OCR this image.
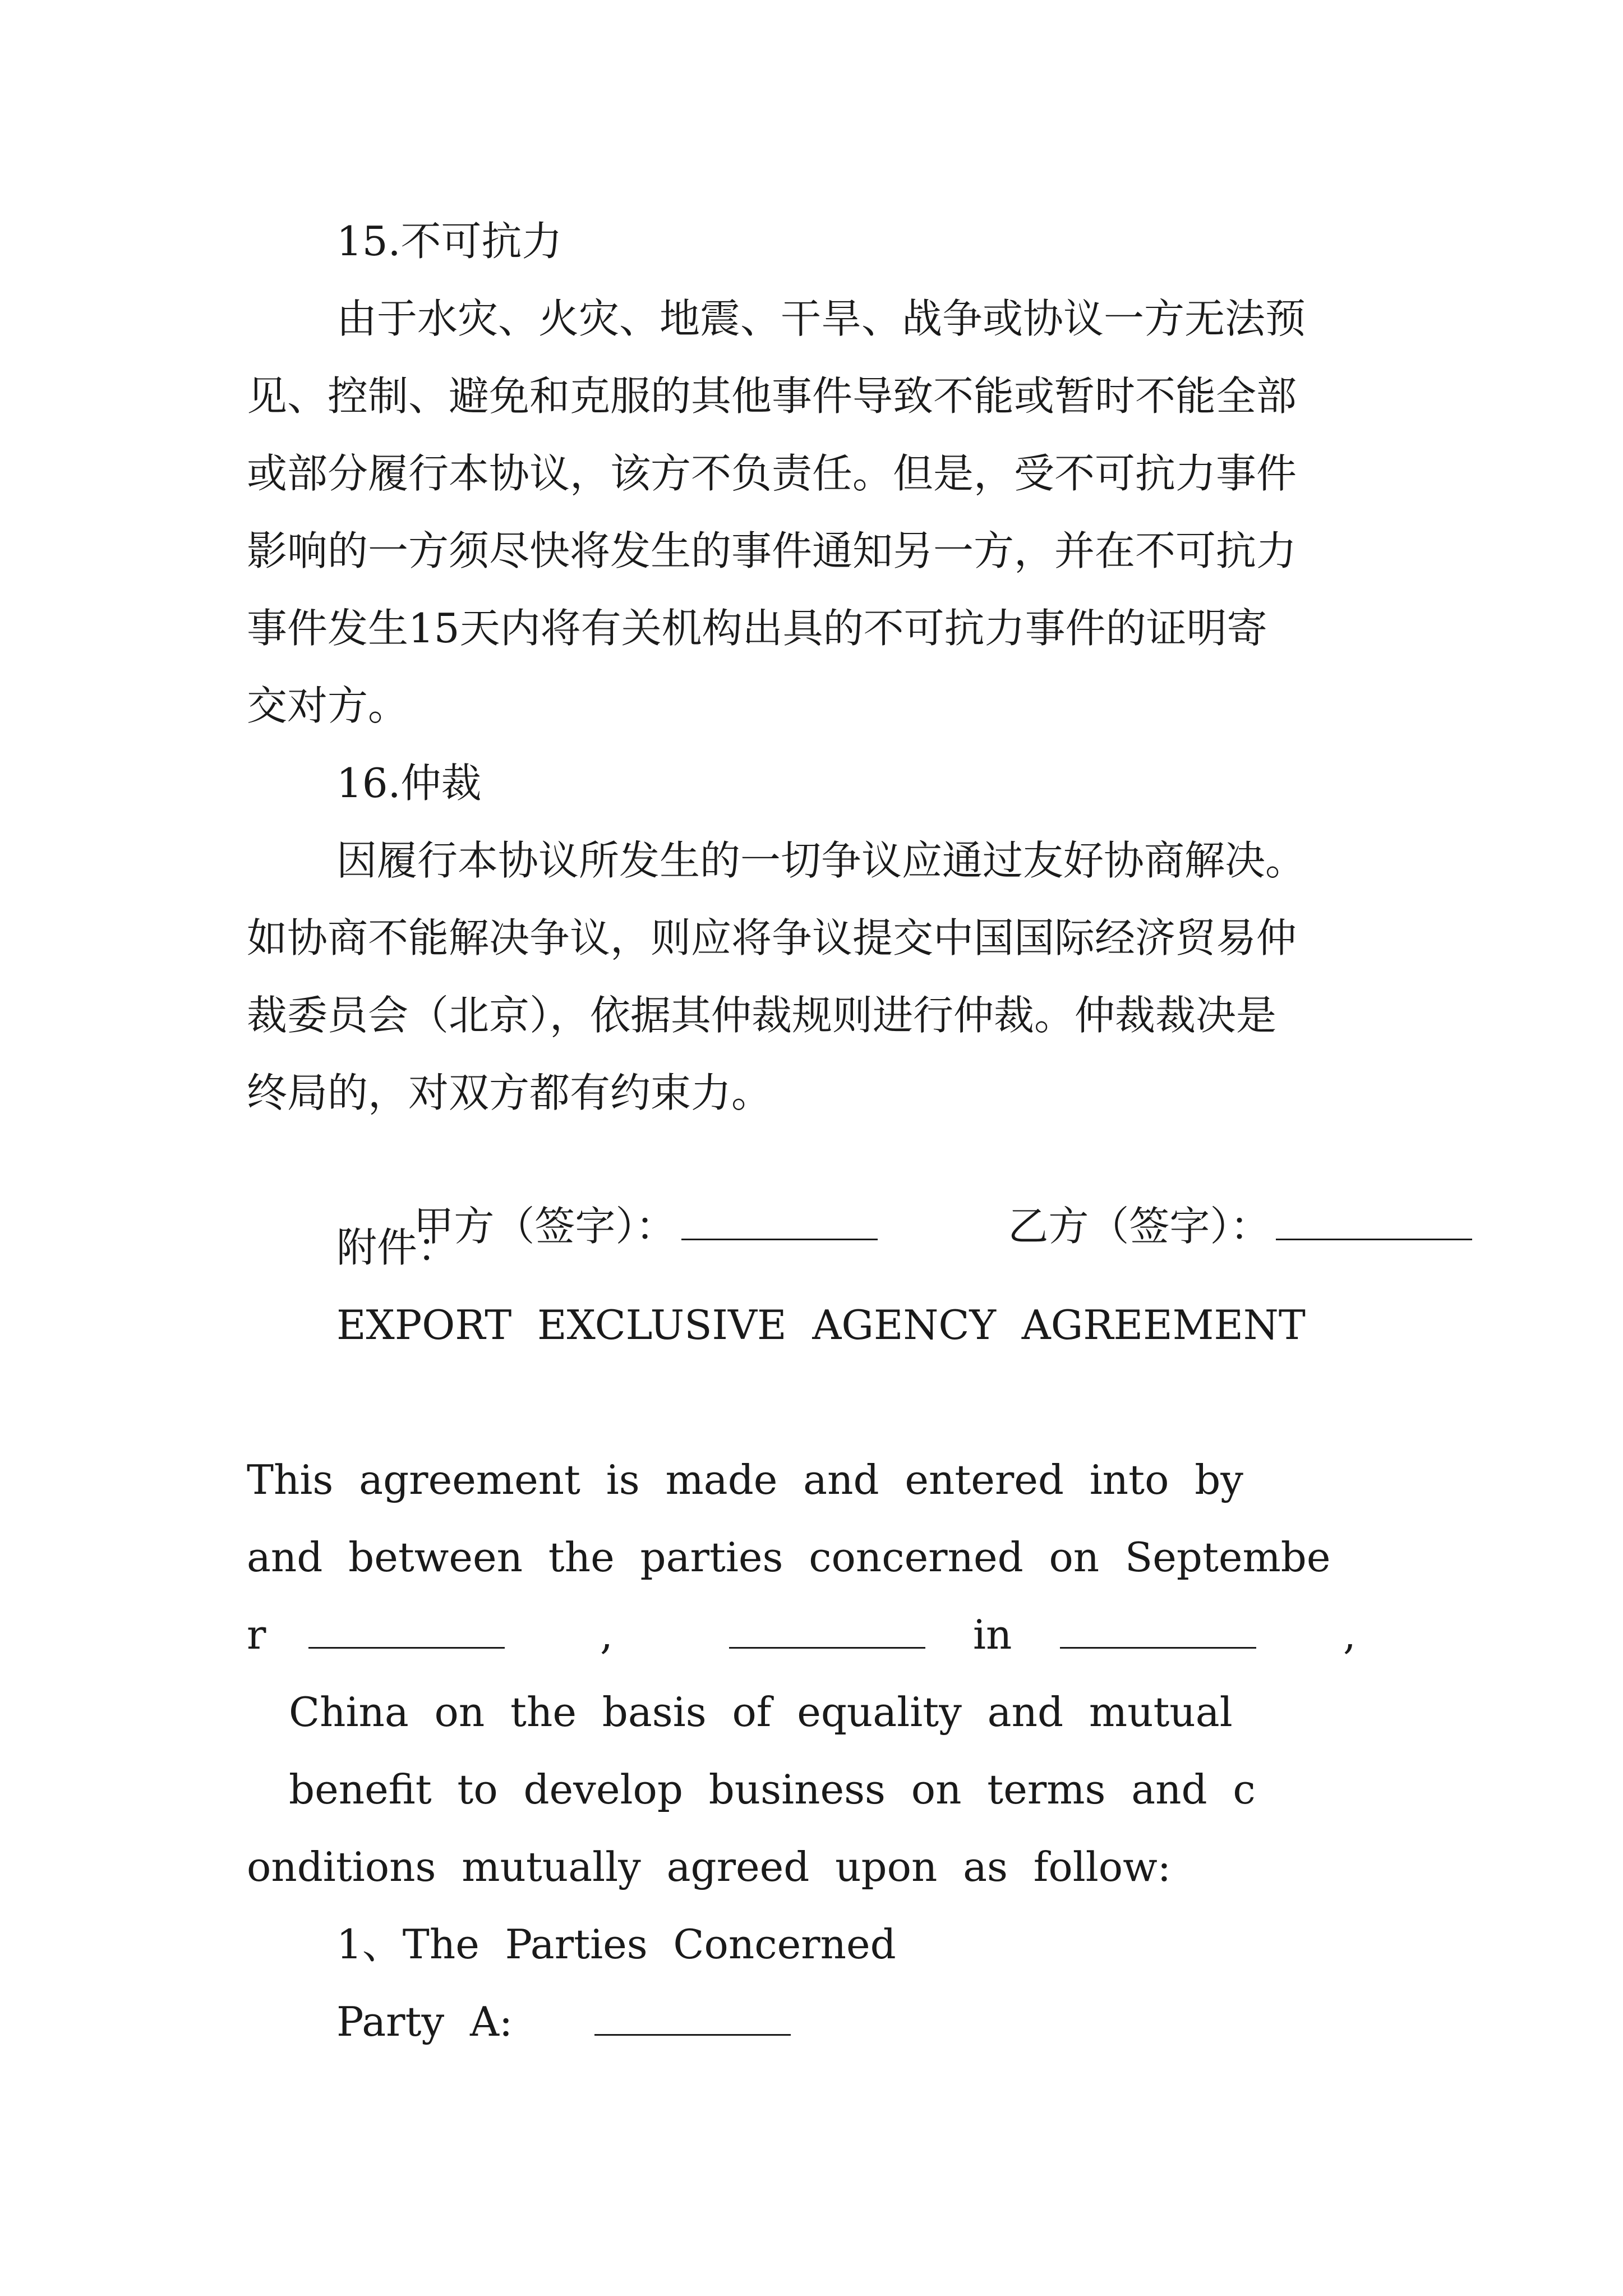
15.不可抗力
由于水灾、火灾、地震、干旱、战争或协议一方无法预
见、控制、避免和克服的其他事件导致不能或暂时不能全部
或部分履行本协议，该方不负责任。但是，受不可抗力事件
影响的一方须尽快将发生的事件通知另一方，并在不可抗力
事件发生15天内将有关机构出具的不可抗力事件的证明寄
交对方。
16.仲裁
因履行本协议所发生的一切争议应通过友好协商解决。
如协商不能解决争议，则应将争议提交中国国际经济贸易仲
裁委员会（北京），依据其仲裁规则进行仲裁。仲裁裁决是
终局的，对双方都有约束力。

甲方（签字）：

	乙方（签字）：

附件：
EXPORT  EXCLUSIVE  AGENCY  AGREEMENT
This  agreement  is  made  and  entered  into  by
and  between  the  parties  concerned  on  Septembe

r

	,

	in

	,

China  on  the  basis  of  equality  and  mutual
benefit  to  develop  business  on  terms  and  c
onditions  mutually  agreed  upon  as  follow:
1、The  Parties  Concerned

Party  A:
